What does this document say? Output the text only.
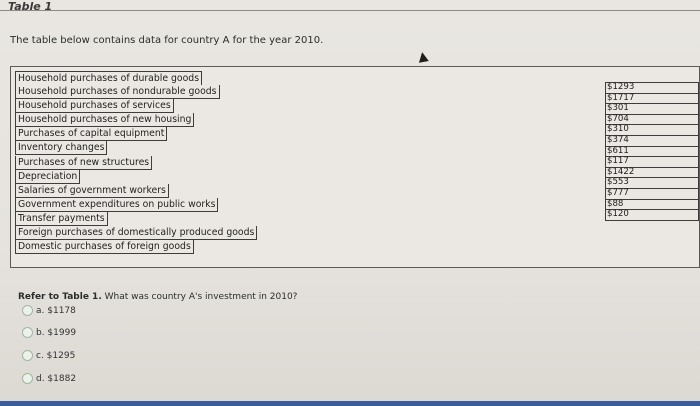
Table 1
The table below contains data for country A for the year 2010.
Household purchases of durable goods
Household purchases of nondurable goods
Household purchases of services
Household purchases of new housing
Purchases of capital equipment
Inventory changes
Purchases of new structures
Depreciation
Salaries of government workers
Government expenditures on public works
Transfer payments
Foreign purchases of domestically produced goods
Domestic purchases of foreign goods
$1293
$1717
$301
$704
$310
$374
$611
$117
$1422
$553
$777
$88
$120
Refer to Table 1. What was country A's investment in 2010?
a. $1178
b. $1999
c. $1295
d. $1882
